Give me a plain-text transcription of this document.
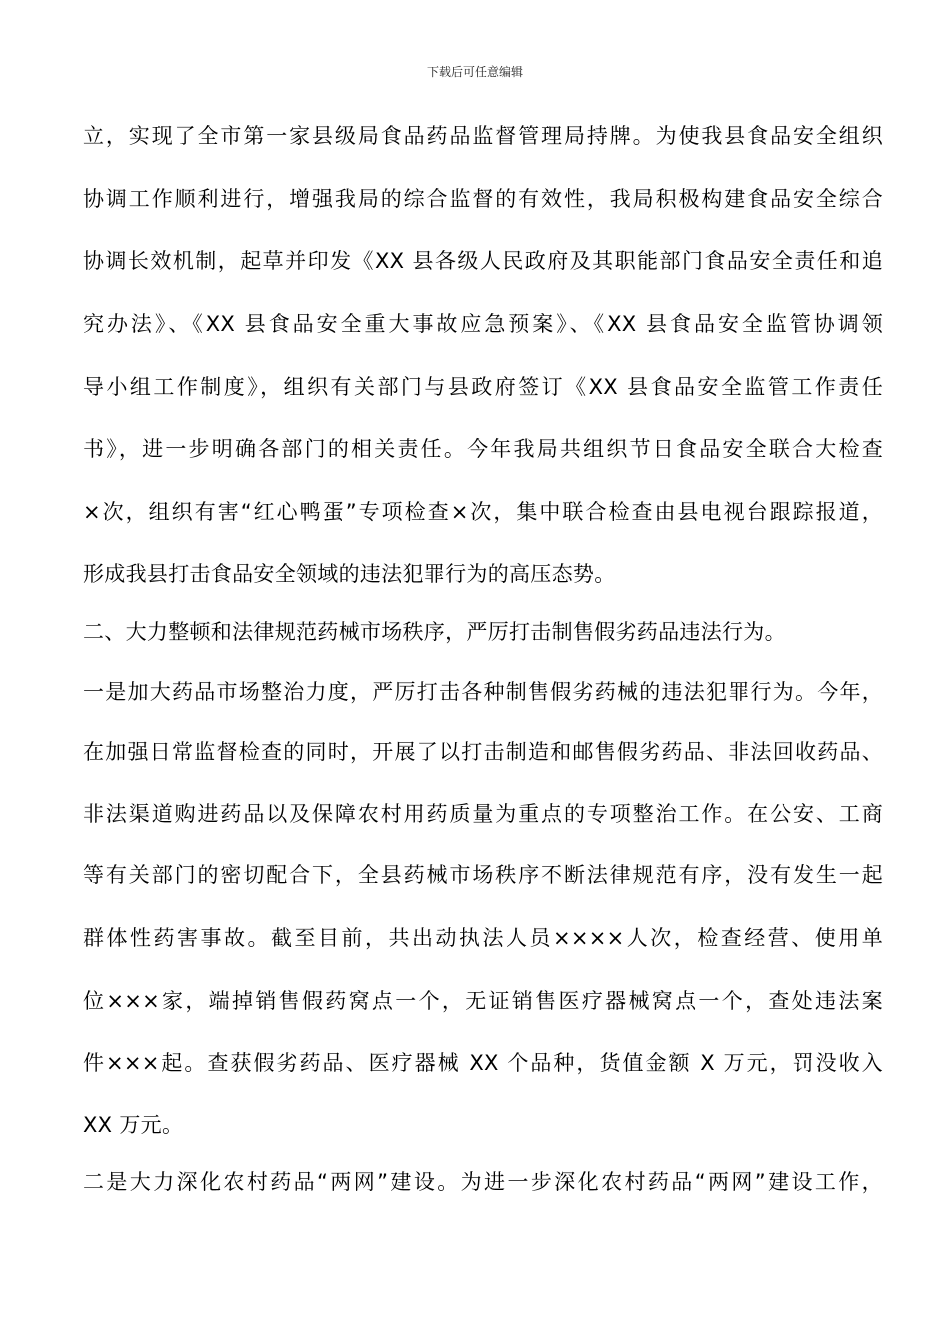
下载后可任意编辑
立，实现了全市第一家县级局食品药品监督管理局持牌。为使我县食品安全组织
协调工作顺利进行，增强我局的综合监督的有效性，我局积极构建食品安全综合
协调长效机制，起草并印发《XX 县各级人民政府及其职能部门食品安全责任和追
究办法》、《XX 县食品安全重大事故应急预案》、《XX 县食品安全监管协调领
导小组工作制度》，组织有关部门与县政府签订《XX 县食品安全监管工作责任
书》，进一步明确各部门的相关责任。今年我局共组织节日食品安全联合大检查
×次，组织有害“红心鸭蛋”专项检查×次，集中联合检查由县电视台跟踪报道，
形成我县打击食品安全领域的违法犯罪行为的高压态势。
二、大力整顿和法律规范药械市场秩序，严厉打击制售假劣药品违法行为。
一是加大药品市场整治力度，严厉打击各种制售假劣药械的违法犯罪行为。今年，
在加强日常监督检查的同时，开展了以打击制造和邮售假劣药品、非法回收药品、
非法渠道购进药品以及保障农村用药质量为重点的专项整治工作。在公安、工商
等有关部门的密切配合下，全县药械市场秩序不断法律规范有序，没有发生一起
群体性药害事故。截至目前，共出动执法人员××××人次，检查经营、使用单
位×××家，端掉销售假药窝点一个，无证销售医疗器械窝点一个，查处违法案
件×××起。查获假劣药品、医疗器械 XX 个品种，货值金额 X 万元，罚没收入
XX 万元。
二是大力深化农村药品“两网”建设。为进一步深化农村药品“两网”建设工作，
